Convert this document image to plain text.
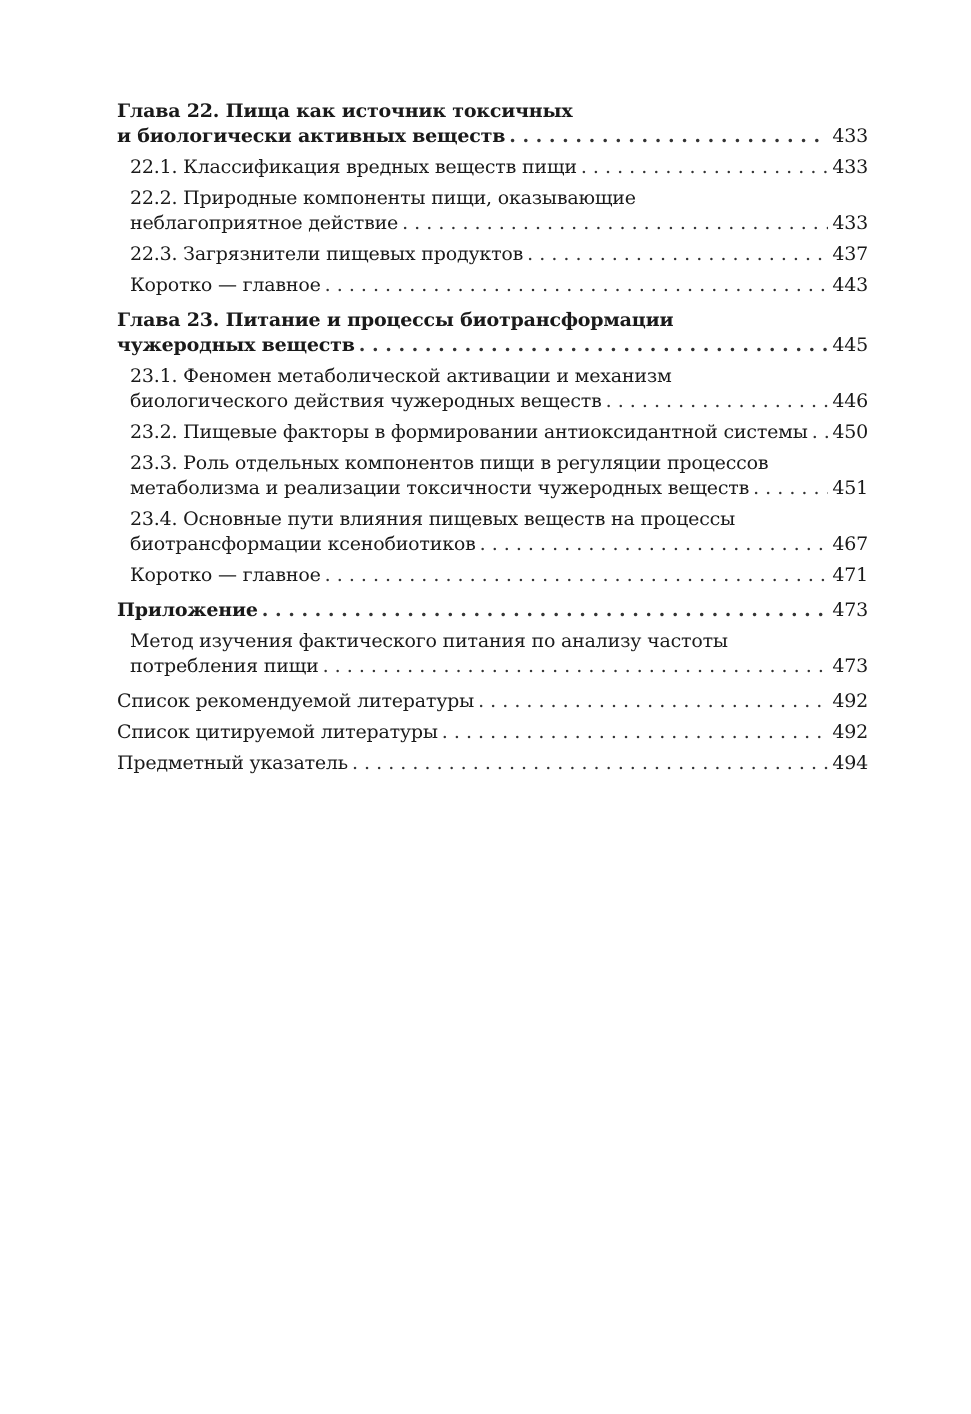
Глава 22. Пища как источник токсичных
и биологически активных веществ . . .	433
22.1. Классификация вредных веществ пищи . . .	433
22.2. Природные компоненты пищи, оказывающие
неблагоприятное действие . . .	433
22.3. Загрязнители пищевых продуктов . . .	437
Коротко — главное . . .	443
Глава 23. Питание и процессы биотрансформации
чужеродных веществ . . .	445
23.1. Феномен метаболической активации и механизм
биологического действия чужеродных веществ . . .	446
23.2. Пищевые факторы в формировании антиоксидантной системы . . . 450
23.3. Роль отдельных компонентов пищи в регуляции процессов
метаболизма и реализации токсичности чужеродных веществ . . .	451
23.4. Основные пути влияния пищевых веществ на процессы
биотрансформации ксенобиотиков . . .	467
Коротко — главное . . .	471
Приложение . . .	473
Метод изучения фактического питания по анализу частоты
потребления пищи . . .	473
Список рекомендуемой литературы . . .	492
Список цитируемой литературы . . .	492
Предметный указатель . . .	494
